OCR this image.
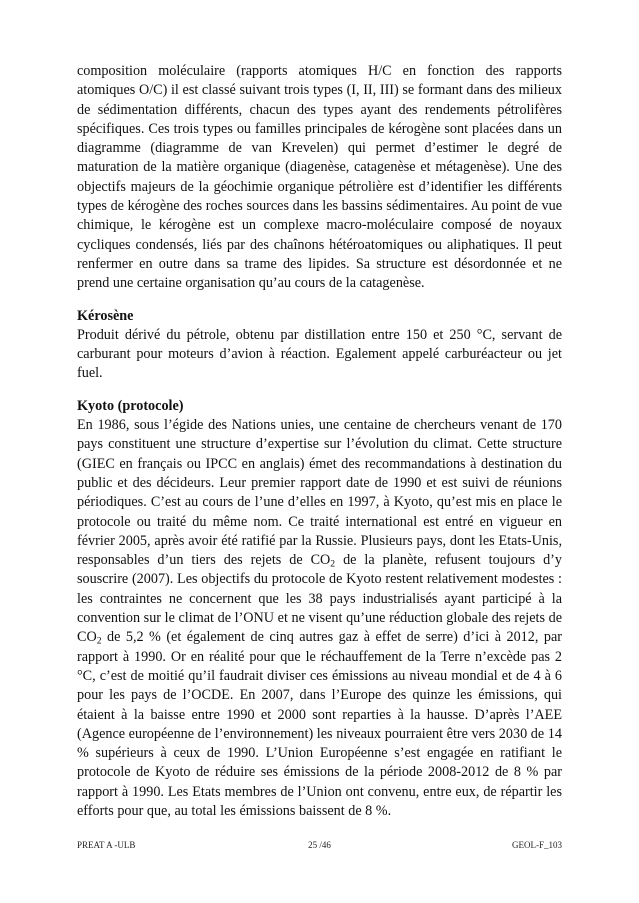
composition moléculaire (rapports atomiques H/C en fonction des rapports atomiques O/C) il est classé suivant trois types (I, II, III) se formant dans des milieux de sédimentation différents, chacun des types ayant des rendements pétrolifères spécifiques. Ces trois types ou familles principales de kérogène sont placées dans un diagramme (diagramme de van Krevelen) qui permet d’estimer le degré de maturation de la matière organique (diagenèse, catagenèse et métagenèse). Une des objectifs majeurs de la géochimie organique pétrolière est d’identifier les différents types de kérogène des roches sources dans les bassins sédimentaires. Au point de vue chimique, le kérogène est un complexe macro-moléculaire composé de noyaux cycliques condensés, liés par des chaînons hétéroatomiques ou aliphatiques. Il peut renfermer en outre dans sa trame des lipides. Sa structure est désordonnée et ne prend une certaine organisation qu’au cours de la catagenèse.

Kérosène

Produit dérivé du pétrole, obtenu par distillation entre 150 et 250 °C, servant de carburant pour moteurs d’avion à réaction. Egalement appelé carburéacteur ou jet fuel.

Kyoto (protocole)

En 1986, sous l’égide des Nations unies, une centaine de chercheurs venant de 170 pays constituent une structure d’expertise sur l’évolution du climat. Cette structure (GIEC en français ou IPCC en anglais) émet des recommandations à destination du public et des décideurs. Leur premier rapport date de 1990 et est suivi de réunions périodiques. C’est au cours de l’une d’elles en 1997, à Kyoto, qu’est mis en place le protocole ou traité du même nom. Ce traité international est entré en vigueur en février 2005, après avoir été ratifié par la Russie. Plusieurs pays, dont les Etats-Unis, responsables d’un tiers des rejets de $CO_2$ de la planète, refusent toujours d’y souscrire (2007). Les objectifs du protocole de Kyoto restent relativement modestes : les contraintes ne concernent que les 38 pays industrialisés ayant participé à la convention sur le climat de l’ONU et ne visent qu’une réduction globale des rejets de $CO_2$ de 5,2 % (et également de cinq autres gaz à effet de serre) d’ici à 2012, par rapport à 1990. Or en réalité pour que le réchauffement de la Terre n’excède pas 2 °C, c’est de moitié qu’il faudrait diviser ces émissions au niveau mondial et de 4 à 6 pour les pays de l’OCDE. En 2007, dans l’Europe des quinze les émissions, qui étaient à la baisse entre 1990 et 2000 sont reparties à la hausse. D’après l’AEE (Agence européenne de l’environnement) les niveaux pourraient être vers 2030 de 14 % supérieurs à ceux de 1990. L’Union Européenne s’est engagée en ratifiant le protocole de Kyoto de réduire ses émissions de la période 2008-2012 de 8 % par rapport à 1990. Les Etats membres de l’Union ont convenu, entre eux, de répartir les efforts pour que, au total les émissions baissent de 8 %.

PREAT A -ULB	25 /46	GEOL-F_103
